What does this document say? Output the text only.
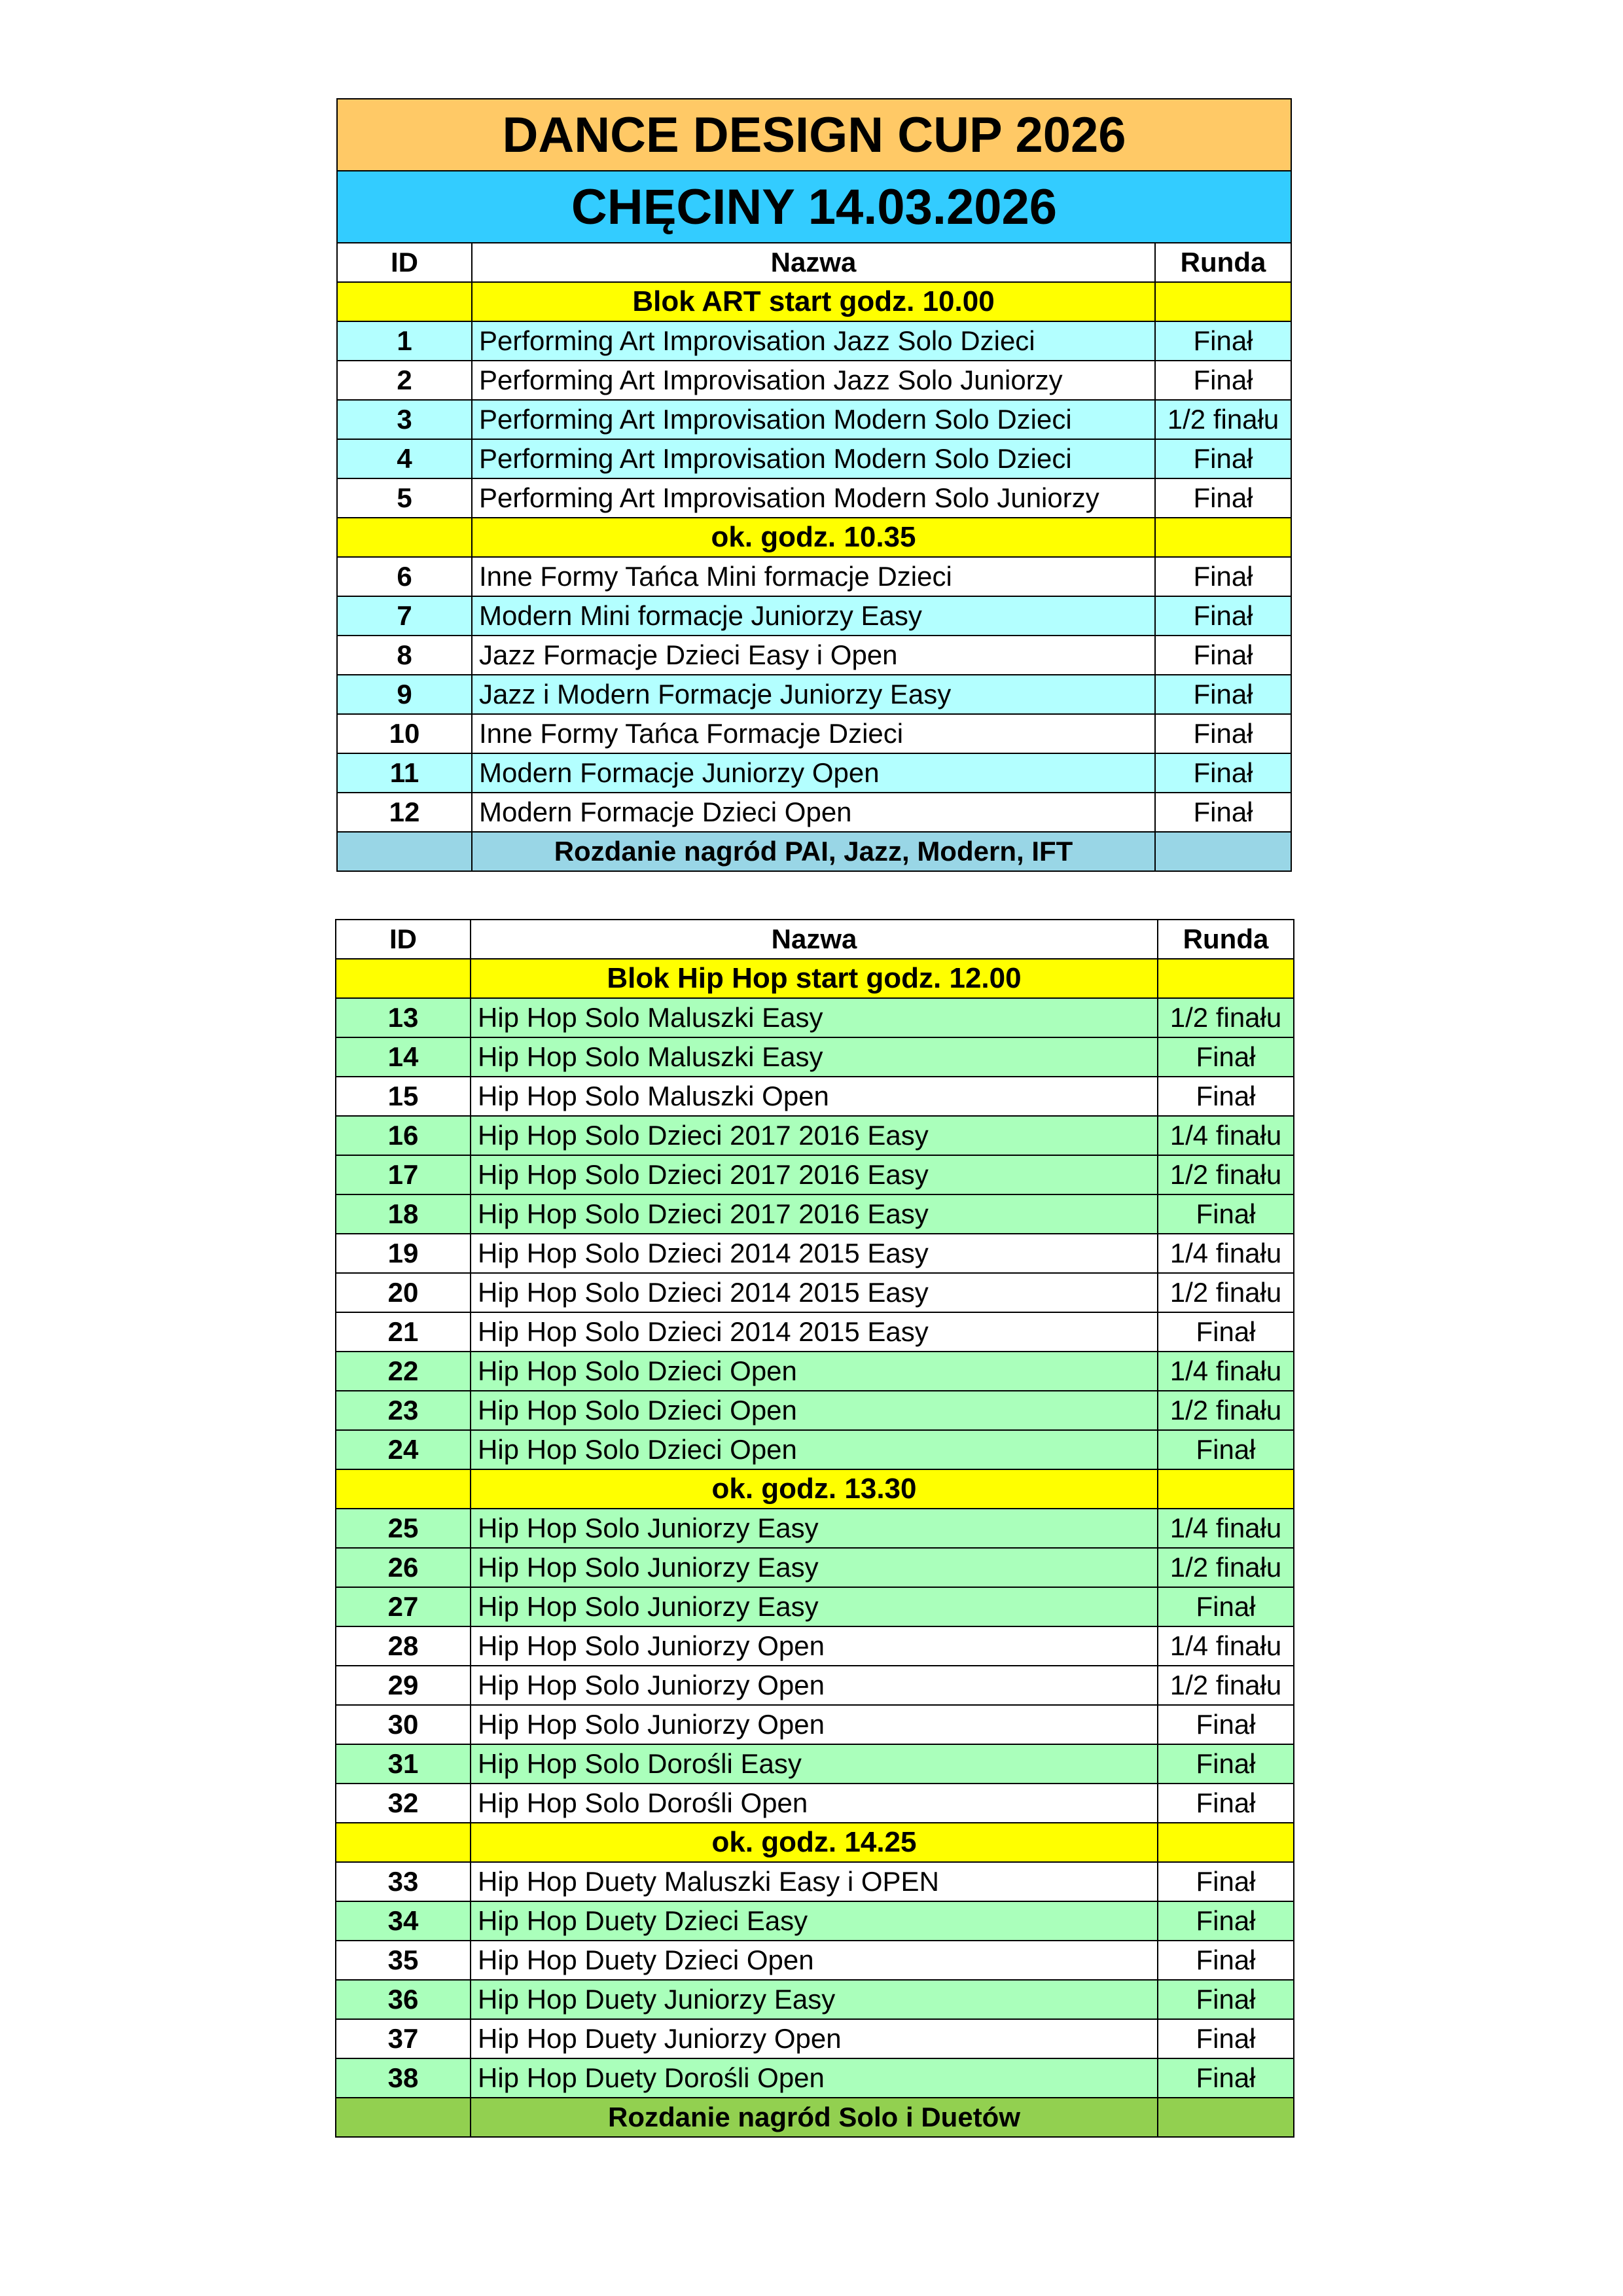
DANCE DESIGN CUP 2026		
CHĘCINY 14.03.2026		
ID	Nazwa	Runda
	Blok ART start godz. 10.00	
1	Performing Art Improvisation Jazz Solo Dzieci	Finał
2	Performing Art Improvisation Jazz Solo Juniorzy	Finał
3	Performing Art Improvisation Modern Solo Dzieci	1/2 finału
4	Performing Art Improvisation Modern Solo Dzieci	Finał
5	Performing Art Improvisation Modern Solo Juniorzy	Finał
	ok. godz. 10.35	
6	Inne Formy Tańca Mini formacje Dzieci	Finał
7	Modern Mini formacje Juniorzy Easy	Finał
8	Jazz Formacje Dzieci Easy i Open	Finał
9	Jazz i Modern Formacje Juniorzy Easy	Finał
10	Inne Formy Tańca Formacje Dzieci	Finał
11	Modern Formacje Juniorzy Open	Finał
12	Modern Formacje Dzieci Open	Finał
	Rozdanie nagród PAI, Jazz, Modern, IFT	
ID	Nazwa	Runda
	Blok Hip Hop start godz. 12.00	
13	Hip Hop Solo Maluszki Easy	1/2 finału
14	Hip Hop Solo Maluszki Easy	Finał
15	Hip Hop Solo Maluszki Open	Finał
16	Hip Hop Solo Dzieci 2017 2016 Easy	1/4 finału
17	Hip Hop Solo Dzieci 2017 2016 Easy	1/2 finału
18	Hip Hop Solo Dzieci 2017 2016 Easy	Finał
19	Hip Hop Solo Dzieci 2014 2015 Easy	1/4 finału
20	Hip Hop Solo Dzieci 2014 2015 Easy	1/2 finału
21	Hip Hop Solo Dzieci 2014 2015 Easy	Finał
22	Hip Hop Solo Dzieci Open	1/4 finału
23	Hip Hop Solo Dzieci Open	1/2 finału
24	Hip Hop Solo Dzieci Open	Finał
	ok. godz. 13.30	
25	Hip Hop Solo Juniorzy Easy	1/4 finału
26	Hip Hop Solo Juniorzy Easy	1/2 finału
27	Hip Hop Solo Juniorzy Easy	Finał
28	Hip Hop Solo Juniorzy Open	1/4 finału
29	Hip Hop Solo Juniorzy Open	1/2 finału
30	Hip Hop Solo Juniorzy Open	Finał
31	Hip Hop Solo Dorośli Easy	Finał
32	Hip Hop Solo Dorośli Open	Finał
	ok. godz. 14.25	
33	Hip Hop Duety Maluszki Easy i OPEN	Finał
34	Hip Hop Duety Dzieci Easy	Finał
35	Hip Hop Duety Dzieci Open	Finał
36	Hip Hop Duety Juniorzy Easy	Finał
37	Hip Hop Duety Juniorzy Open	Finał
38	Hip Hop Duety Dorośli Open	Finał
	Rozdanie nagród Solo i Duetów	
